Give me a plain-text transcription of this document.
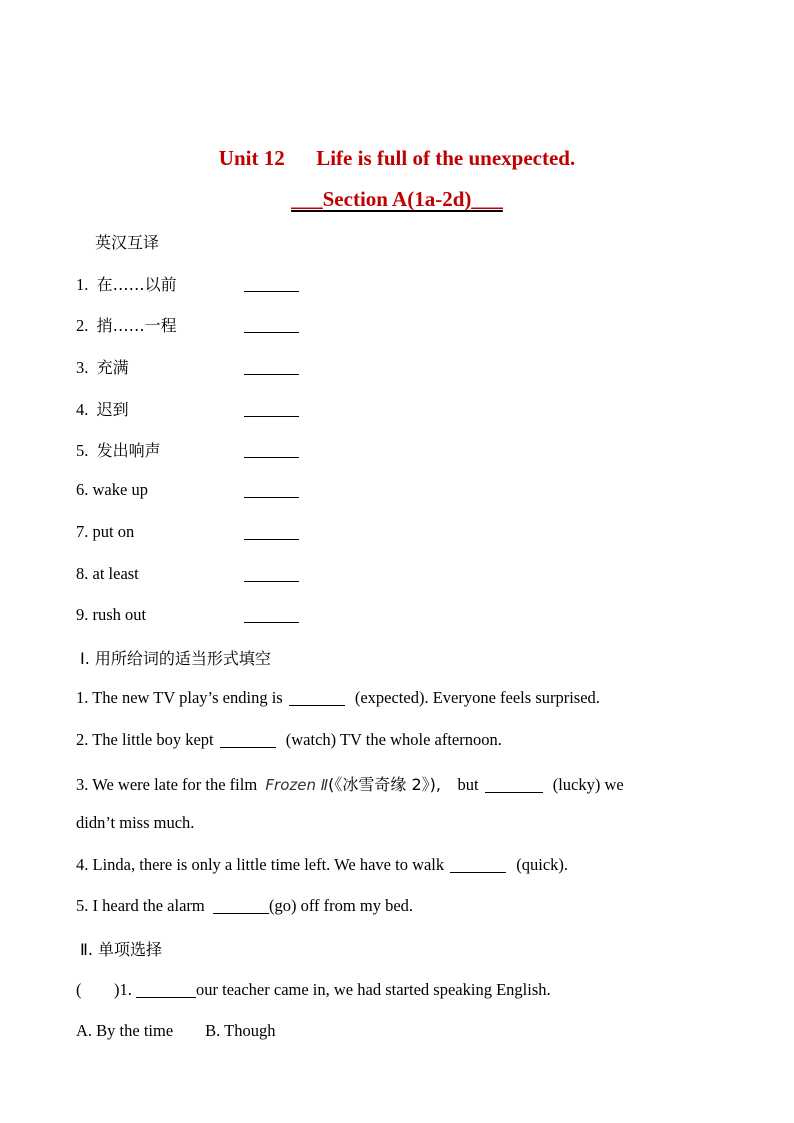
Unit 12 Life is full of the unexpected.
___Section A(1a-2d)___
英汉互译
1. 在……以前
2. 捎……一程
3. 充满
4. 迟到
5. 发出响声
6. wake up
7. put on
8. at least
9. rush out
Ⅰ. 用所给词的适当形式填空
1. The new TV play’s ending is	(expected). Everyone feels surprised.
2. The little boy kept	(watch) TV the whole afternoon.
3. We were late for the film Frozen Ⅱ(《冰雪奇缘 2》), but	(lucky) we
didn’t miss much.
4. Linda, there is only a little time left. We have to walk	(quick).
5. I heard the alarm	(go) off from my bed.
Ⅱ. 单项选择
( )1.	our teacher came in, we had started speaking English.
A. By the time B. Though
